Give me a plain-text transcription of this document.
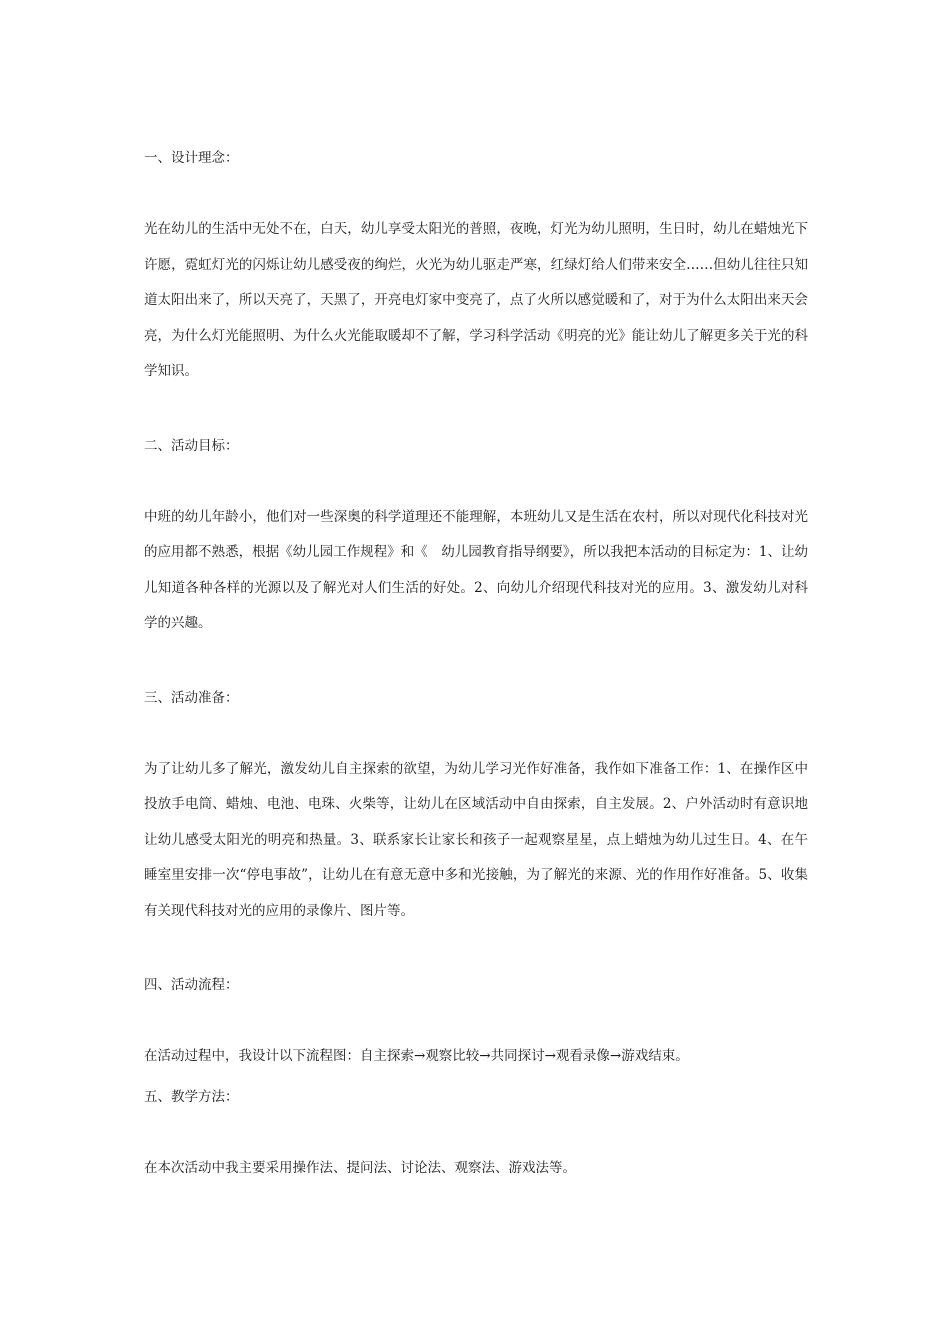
一、设计理念：

光在幼儿的生活中无处不在，白天，幼儿享受太阳光的普照，夜晚，灯光为幼儿照明，生日时，幼儿在蜡烛光下许愿，霓虹灯光的闪烁让幼儿感受夜的绚烂，火光为幼儿驱走严寒，红绿灯给人们带来安全……但幼儿往往只知道太阳出来了，所以天亮了，天黑了，开亮电灯家中变亮了，点了火所以感觉暖和了，对于为什么太阳出来天会亮，为什么灯光能照明、为什么火光能取暖却不了解，学习科学活动《明亮的光》能让幼儿了解更多关于光的科学知识。

二、活动目标：

中班的幼儿年龄小，他们对一些深奥的科学道理还不能理解，本班幼儿又是生活在农村，所以对现代化科技对光的应用都不熟悉，根据《幼儿园工作规程》和《　幼儿园教育指导纲要》，所以我把本活动的目标定为：1、让幼儿知道各种各样的光源以及了解光对人们生活的好处。2、向幼儿介绍现代科技对光的应用。3、激发幼儿对科学的兴趣。

三、活动准备：

为了让幼儿多了解光，激发幼儿自主探索的欲望，为幼儿学习光作好准备，我作如下准备工作：1、在操作区中投放手电筒、蜡烛、电池、电珠、火柴等，让幼儿在区域活动中自由探索，自主发展。2、户外活动时有意识地让幼儿感受太阳光的明亮和热量。3、联系家长让家长和孩子一起观察星星，点上蜡烛为幼儿过生日。4、在午睡室里安排一次“停电事故”，让幼儿在有意无意中多和光接触，为了解光的来源、光的作用作好准备。5、收集有关现代科技对光的应用的录像片、图片等。

四、活动流程：

在活动过程中，我设计以下流程图：自主探索→观察比较→共同探讨→观看录像→游戏结束。

五、教学方法：

在本次活动中我主要采用操作法、提问法、讨论法、观察法、游戏法等。
